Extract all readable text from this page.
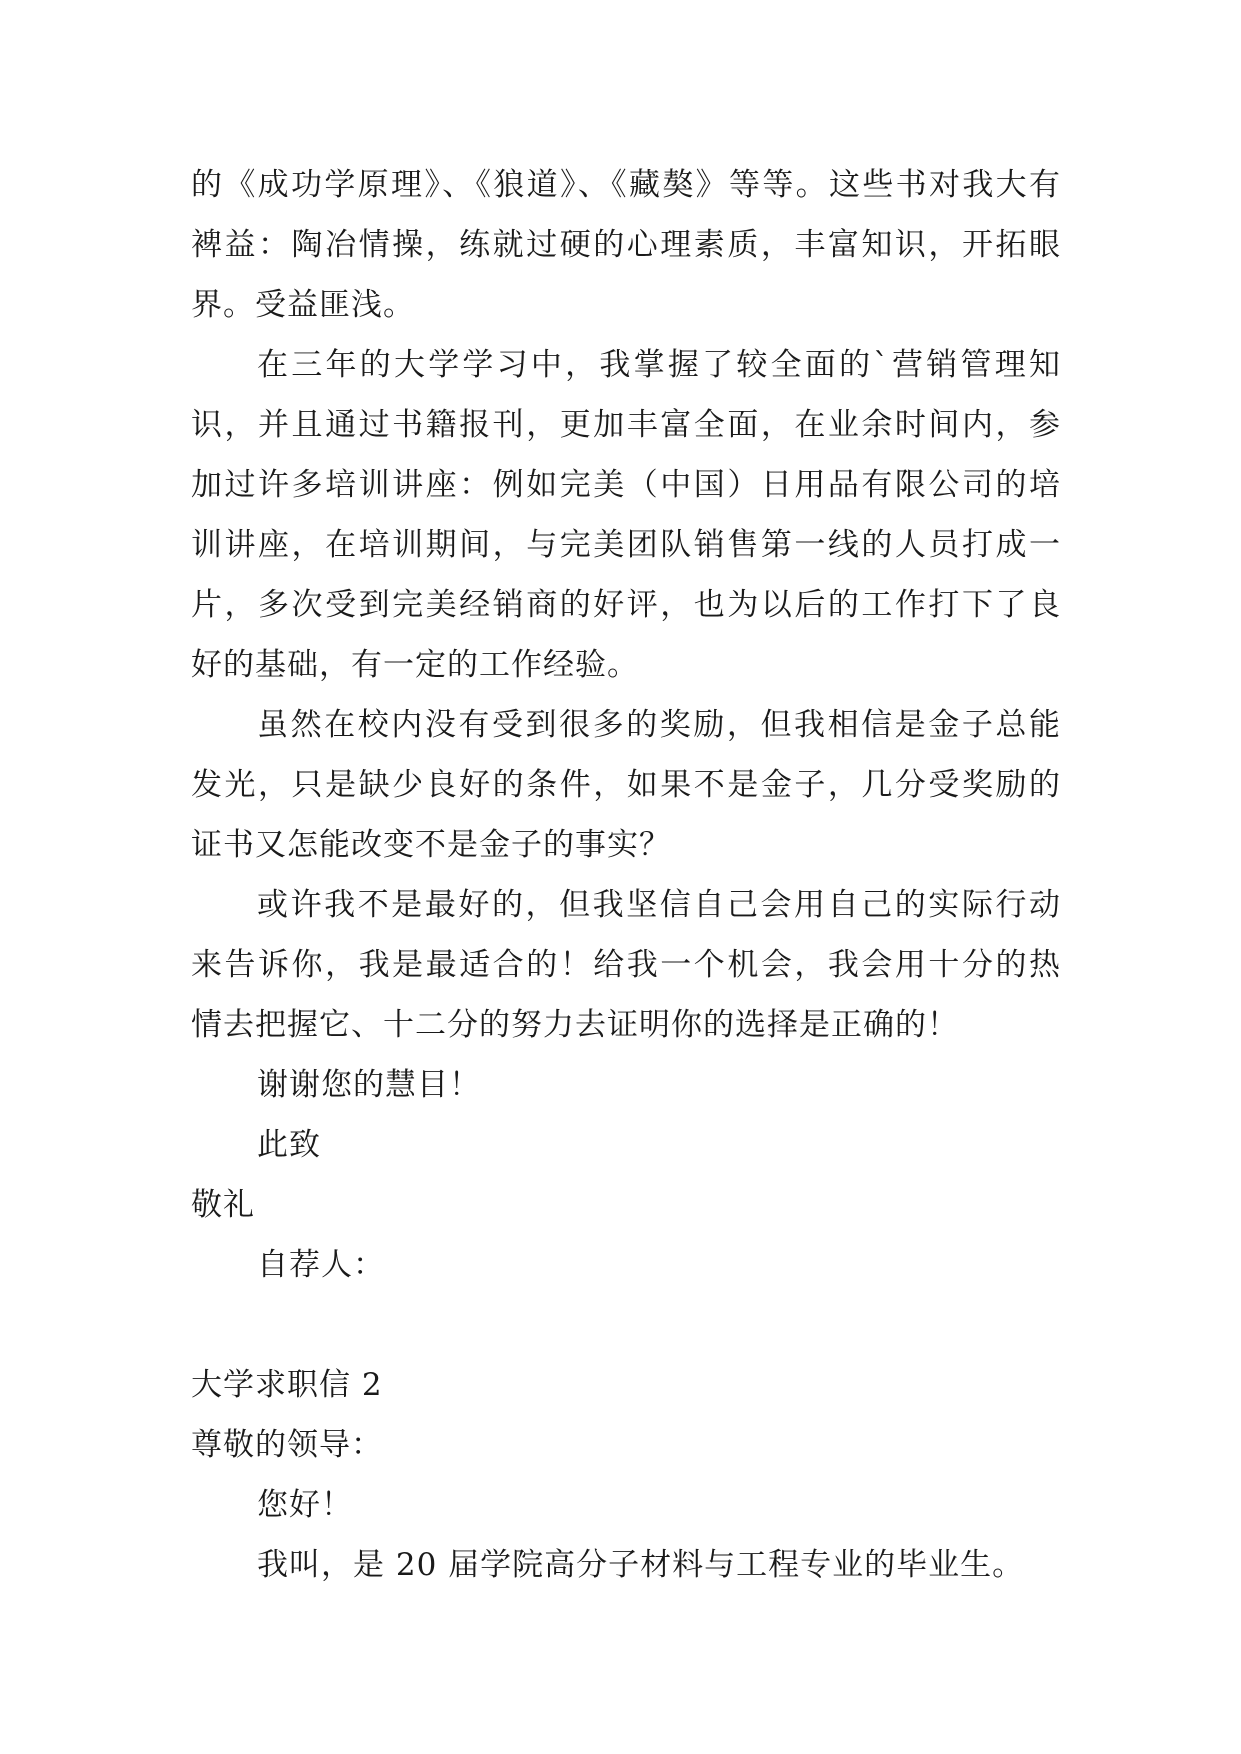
的《成功学原理》、《狼道》、《藏獒》等等。这些书对我大有
裨益：陶冶情操，练就过硬的心理素质，丰富知识，开拓眼
界。受益匪浅。
在三年的大学学习中，我掌握了较全面的`营销管理知
识，并且通过书籍报刊，更加丰富全面，在业余时间内，参
加过许多培训讲座：例如完美（中国）日用品有限公司的培
训讲座，在培训期间，与完美团队销售第一线的人员打成一
片，多次受到完美经销商的好评，也为以后的工作打下了良
好的基础，有一定的工作经验。
虽然在校内没有受到很多的奖励，但我相信是金子总能
发光，只是缺少良好的条件，如果不是金子，几分受奖励的
证书又怎能改变不是金子的事实？
或许我不是最好的，但我坚信自己会用自己的实际行动
来告诉你，我是最适合的！给我一个机会，我会用十分的热
情去把握它、十二分的努力去证明你的选择是正确的！
谢谢您的慧目！
此致
敬礼
自荐人：
大学求职信 2
尊敬的领导：
您好！
我叫，是 20 届学院高分子材料与工程专业的毕业生。
